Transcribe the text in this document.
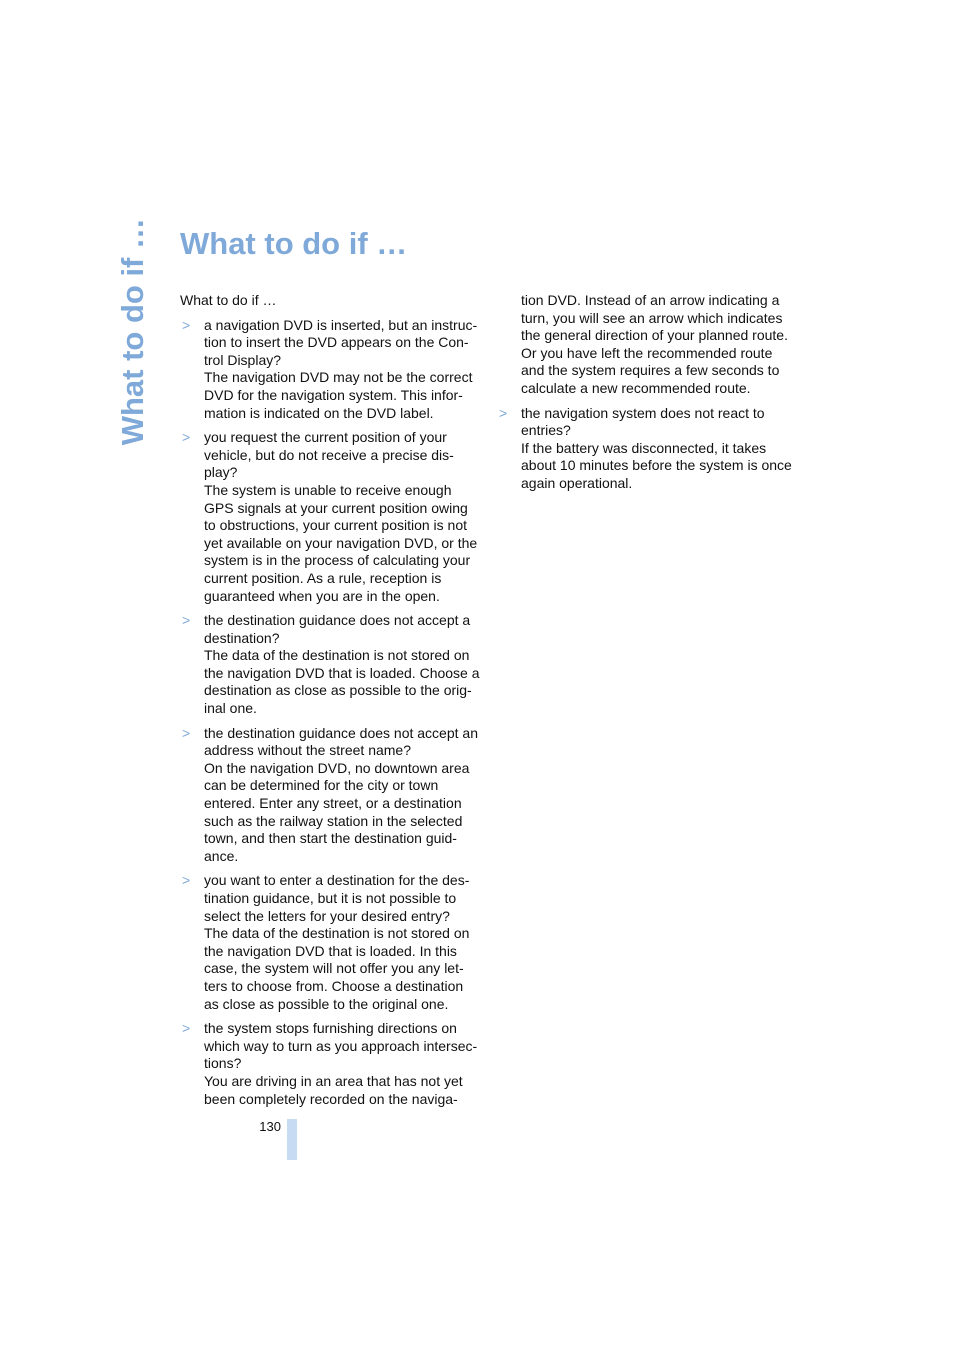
What to do if … What to do if …

What to do if …

> a navigation DVD is inserted, but an instruc-tion to insert the DVD appears on the Con-trol Display?

The navigation DVD may not be the correct DVD for the navigation system. This infor-mation is indicated on the DVD label.

> you request the current position of your vehicle, but do not receive a precise dis-play?

The system is unable to receive enough GPS signals at your current position owing to obstructions, your current position is not yet available on your navigation DVD, or the system is in the process of calculating your current position. As a rule, reception is guaranteed when you are in the open.

> the destination guidance does not accept a destination?

The data of the destination is not stored on the navigation DVD that is loaded. Choose a destination as close as possible to the orig-inal one.

> the destination guidance does not accept an address without the street name?

On the navigation DVD, no downtown area can be determined for the city or town entered. Enter any street, or a destination such as the railway station in the selected town, and then start the destination guid-ance.

> you want to enter a destination for the des-tination guidance, but it is not possible to select the letters for your desired entry?

The data of the destination is not stored on the navigation DVD that is loaded. In this case, the system will not offer you any let-ters to choose from. Choose a destination as close as possible to the original one.

> the system stops furnishing directions on which way to turn as you approach intersec-tions?

You are driving in an area that has not yet been completely recorded on the naviga-

tion DVD. Instead of an arrow indicating a turn, you will see an arrow which indicates the general direction of your planned route. Or you have left the recommended route and the system requires a few seconds to calculate a new recommended route.

> the navigation system does not react to entries?

If the battery was disconnected, it takes about 10 minutes before the system is once again operational.

130
